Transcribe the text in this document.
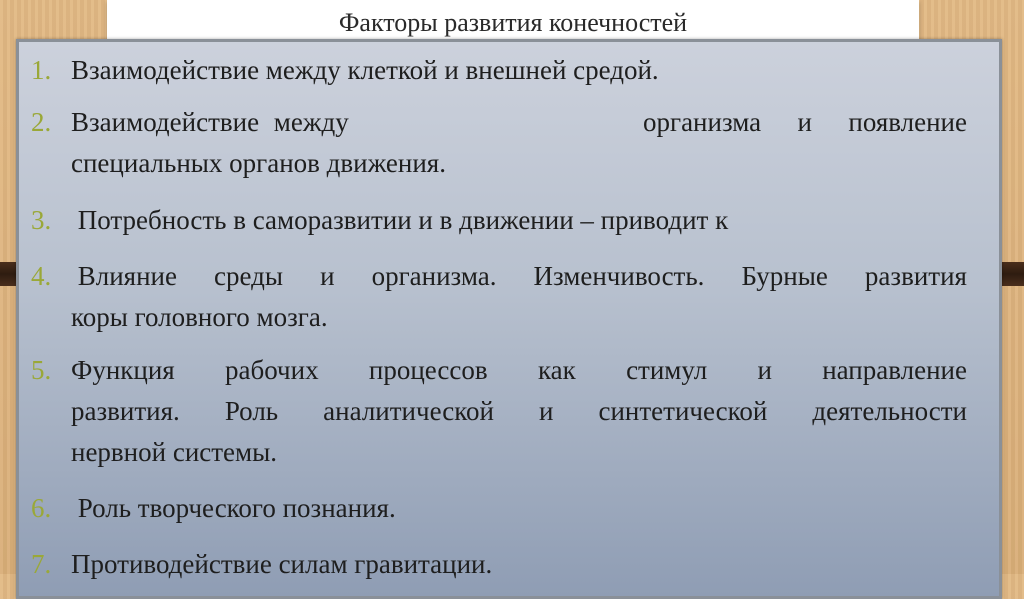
Факторы развития конечностей
1. Взаимодействие между клеткой и внешней средой.
2. Взаимодействие между	организма и появление
специальных органов движения.
3. Потребность в саморазвитии и в движении – приводит к
4. Влияние среды и организма. Изменчивость. Бурные развития
коры головного мозга.
5. Функция рабочих процессов как стимул и направление
развития. Роль аналитической и синтетической деятельности
нервной системы.
6. Роль творческого познания.
7. Противодействие силам гравитации.
